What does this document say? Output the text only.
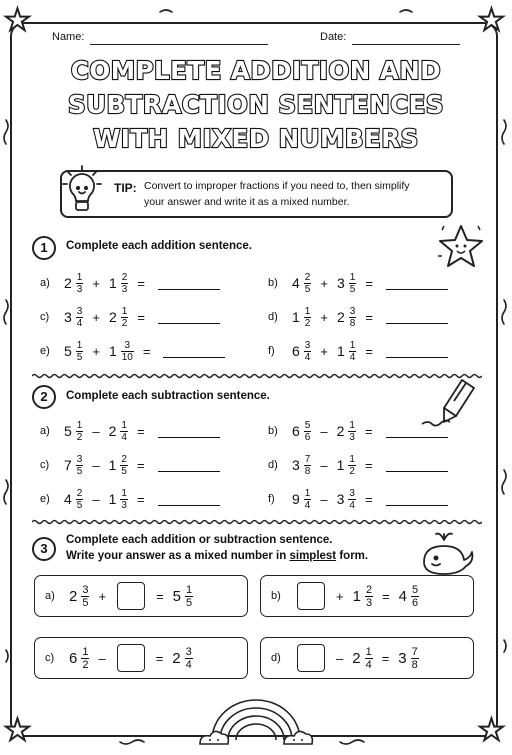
★	★
★	★
Name:	Date:
COMPLETE ADDITION AND
SUBTRACTION SENTENCES
WITH MIXED NUMBERS
TIP: Convert to improper fractions if you need to, then simplify
your answer and write it as a mixed number.
1	Complete each addition sentence.
a)	$2 \frac{1}{3} + 1 \frac{2}{3}$ =	b)	$4 \frac{2}{5} + 3 \frac{1}{5}$ =
c)	$3 \frac{3}{4} + 2 \frac{1}{2}$ =	d)	$1 \frac{1}{2} + 2 \frac{3}{8}$ =
e)	$5 \frac{1}{5} + 1 \frac{3}{10}$ =	f)	$6 \frac{3}{4} + 1 \frac{1}{4}$ =
2	Complete each subtraction sentence.
a)	$5 \frac{1}{2} - 2 \frac{1}{4}$ =	b)	$6 \frac{5}{6} - 2 \frac{1}{3}$ =
c)	$7 \frac{3}{5} - 1 \frac{2}{5}$ =	d)	$3 \frac{7}{8} - 1 \frac{1}{2}$ =
e)	$4 \frac{2}{5} - 1 \frac{1}{3}$ =	f)	$9 \frac{1}{4} - 3 \frac{3}{4}$ =
3
Complete each addition or subtraction sentence.
Write your answer as a mixed number in simplest form.
a) $2 \frac{3}{5}$ +	= $5 \frac{1}{5}$	b)	+ $1 \frac{2}{3} = 4 \frac{5}{6}$
c) $6 \frac{1}{2}$ –	= $2 \frac{3}{4}$	d)	– $2 \frac{1}{4} = 3 \frac{7}{8}$
